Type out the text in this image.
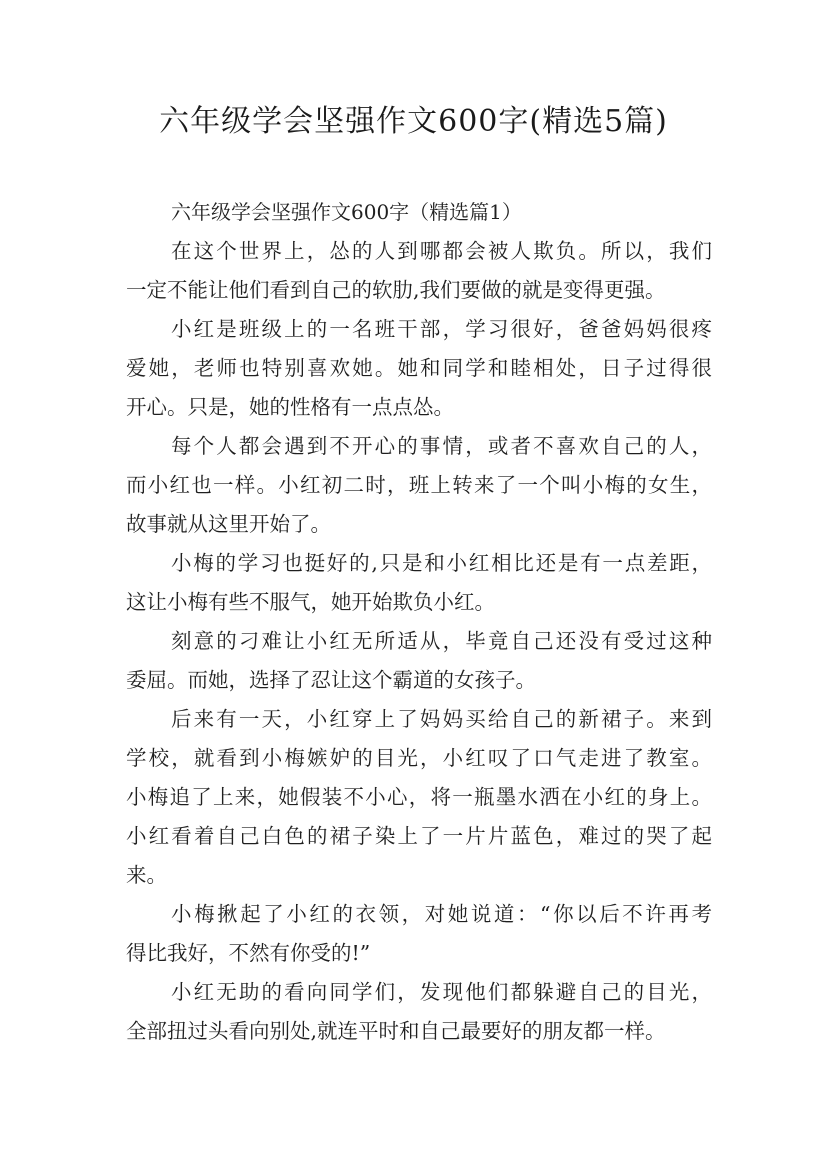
六年级学会坚强作文600字(精选5篇)
六年级学会坚强作文600字（精选篇1）
在这个世界上，怂的人到哪都会被人欺负。所以，我们
一定不能让他们看到自己的软肋,我们要做的就是变得更强。
小红是班级上的一名班干部，学习很好，爸爸妈妈很疼
爱她，老师也特别喜欢她。她和同学和睦相处，日子过得很
开心。只是，她的性格有一点点怂。
每个人都会遇到不开心的事情，或者不喜欢自己的人，
而小红也一样。小红初二时，班上转来了一个叫小梅的女生，
故事就从这里开始了。
小梅的学习也挺好的,只是和小红相比还是有一点差距，
这让小梅有些不服气，她开始欺负小红。
刻意的刁难让小红无所适从，毕竟自己还没有受过这种
委屈。而她，选择了忍让这个霸道的女孩子。
后来有一天，小红穿上了妈妈买给自己的新裙子。来到
学校，就看到小梅嫉妒的目光，小红叹了口气走进了教室。
小梅追了上来，她假装不小心，将一瓶墨水洒在小红的身上。
小红看着自己白色的裙子染上了一片片蓝色，难过的哭了起
来。
小梅揪起了小红的衣领，对她说道：“你以后不许再考
得比我好，不然有你受的!”
小红无助的看向同学们，发现他们都躲避自己的目光，
全部扭过头看向别处,就连平时和自己最要好的朋友都一样。
